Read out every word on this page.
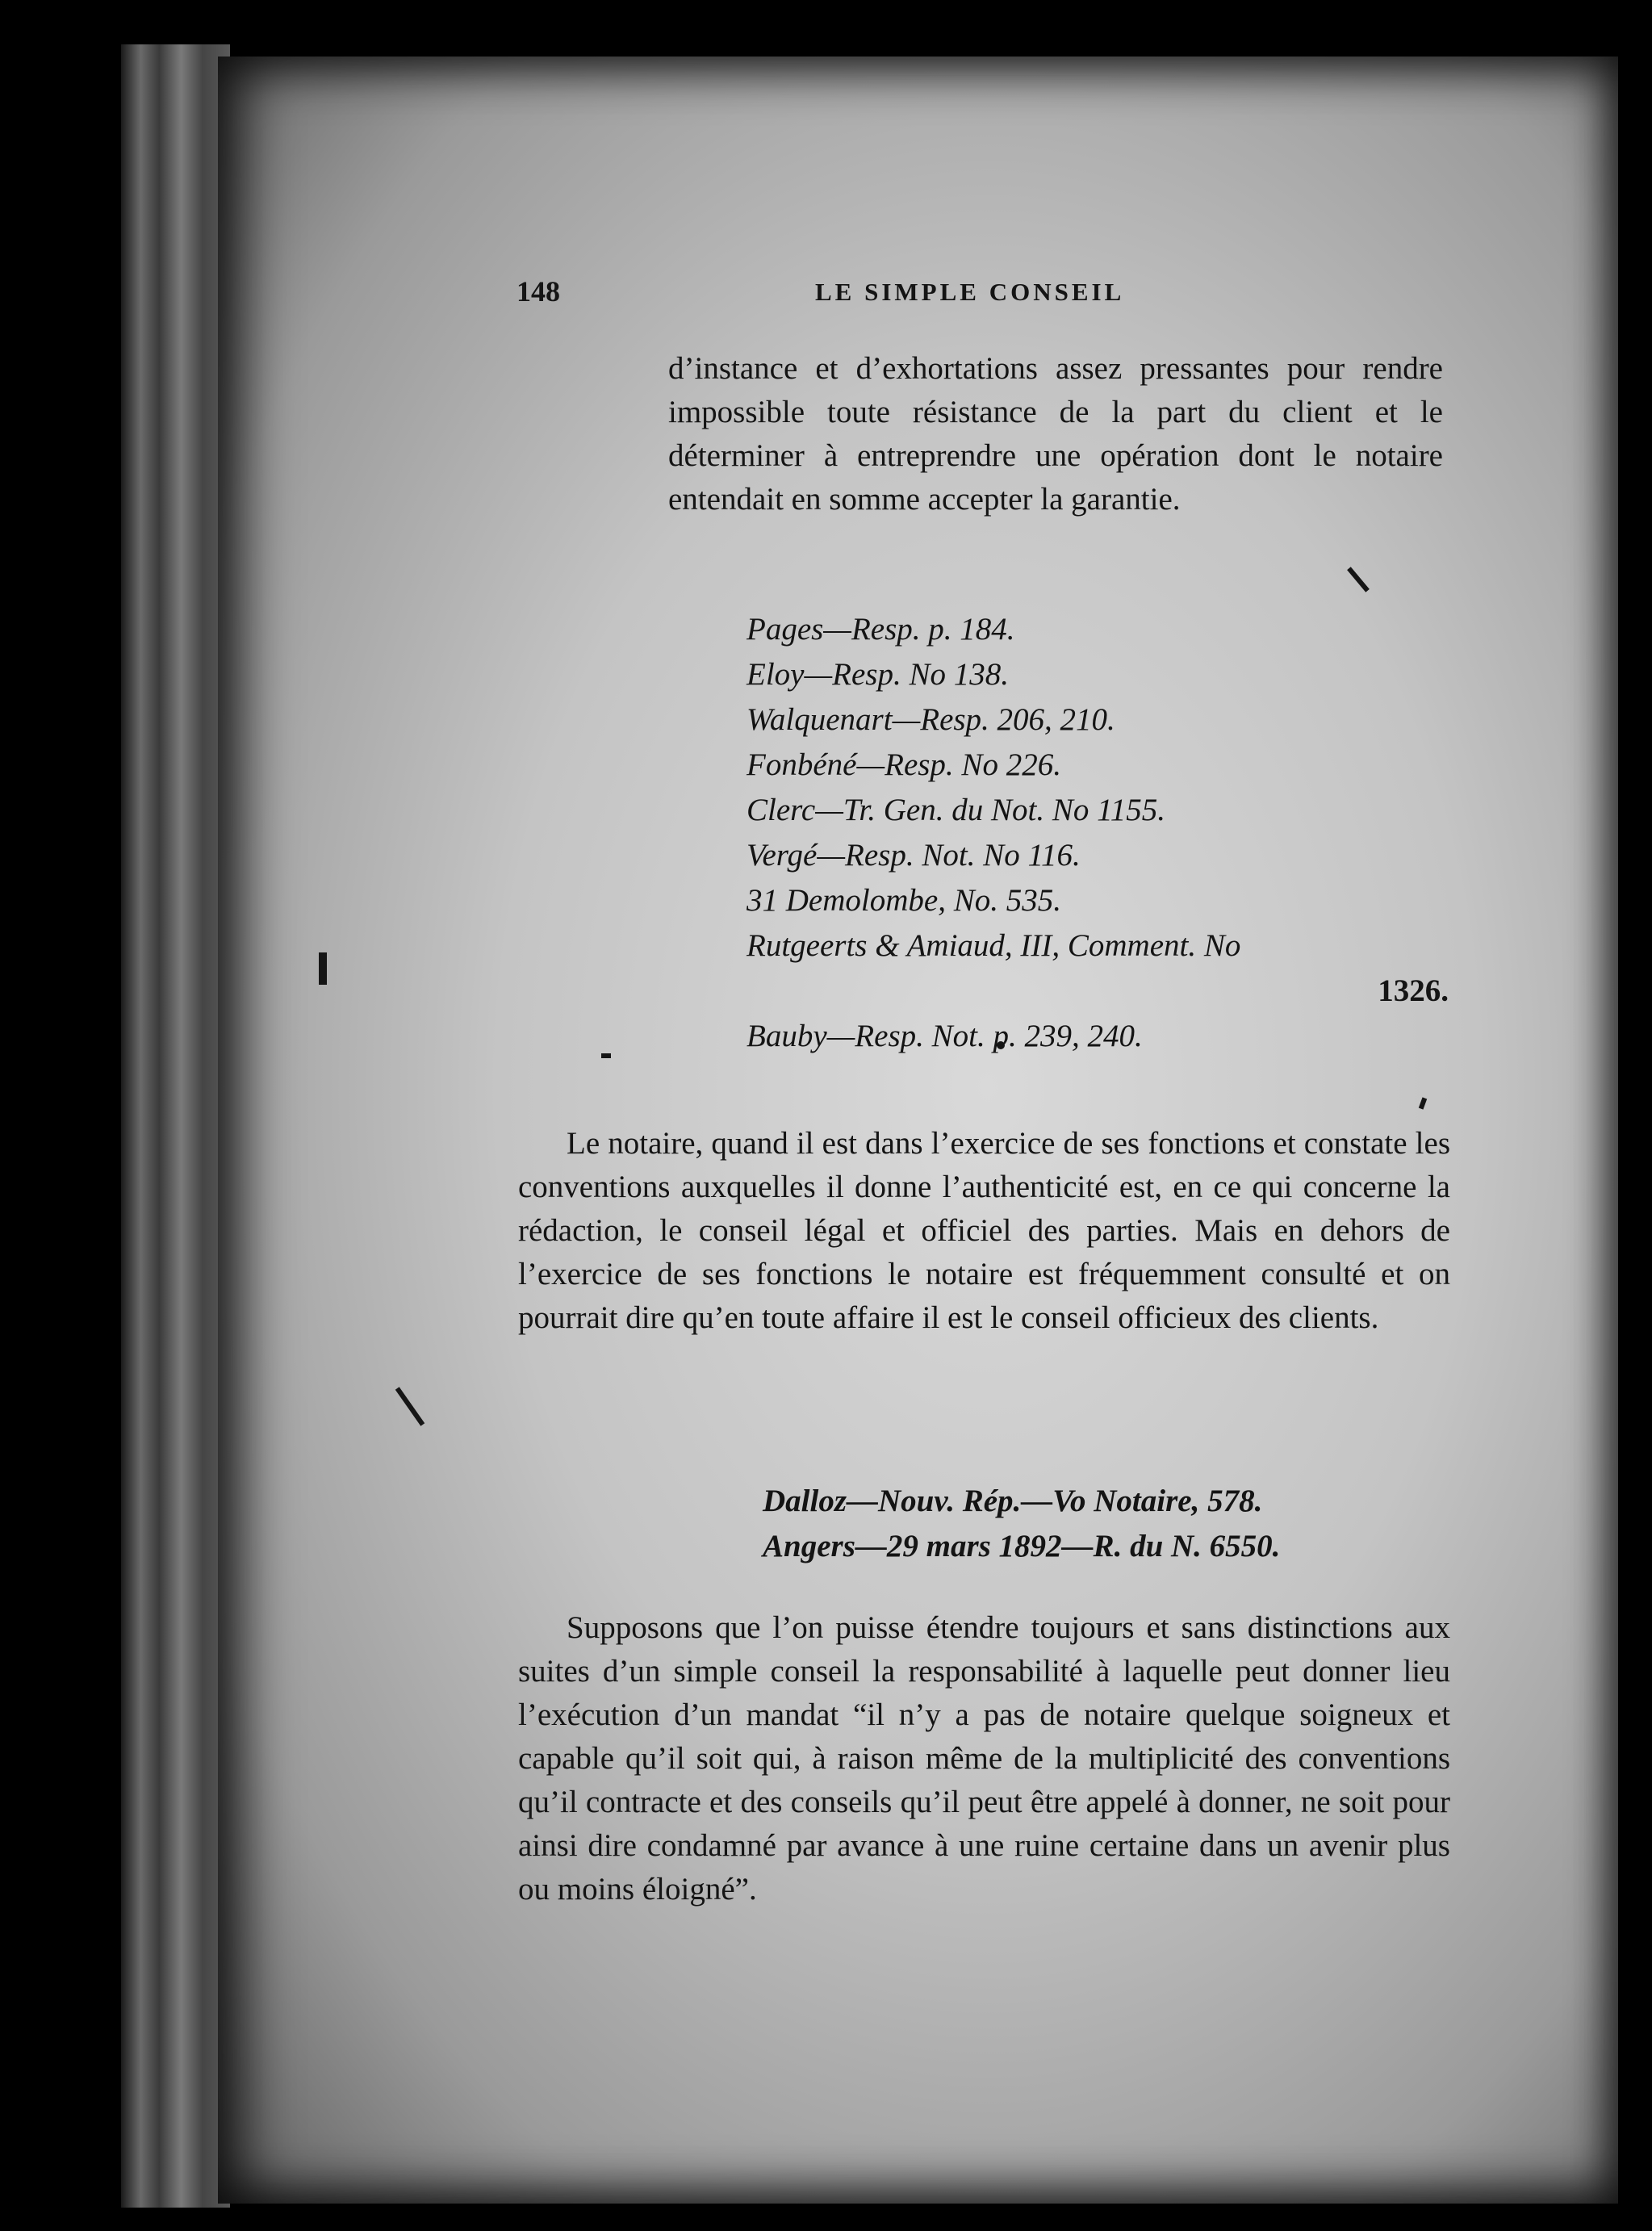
148	LE SIMPLE CONSEIL

d’instance et d’exhortations assez pressantes pour rendre impossible toute résistance de la part du client et le déterminer à entreprendre une opération dont le notaire entendait en somme accepter la garantie.

Pages—Resp. p. 184.
Eloy—Resp. No 138.
Walquenart—Resp. 206, 210.
Fonbéné—Resp. No 226.
Clerc—Tr. Gen. du Not. No 1155.
Vergé—Resp. Not. No 116.
31 Demolombe, No. 535.
Rutgeerts & Amiaud, III, Comment. No
1326.
Bauby—Resp. Not. p. 239, 240.

Le notaire, quand il est dans l’exercice de ses fonctions et constate les conventions auxquelles il donne l’authenticité est, en ce qui concerne la rédaction, le conseil légal et officiel des parties. Mais en dehors de l’exercice de ses fonctions le notaire est fréquemment consulté et on pourrait dire qu’en toute affaire il est le conseil officieux des clients.

Dalloz—Nouv. Rép.—Vo Notaire, 578.
Angers—29 mars 1892—R. du N. 6550.

Supposons que l’on puisse étendre toujours et sans distinctions aux suites d’un simple conseil la responsabilité à laquelle peut donner lieu l’exécution d’un mandat “il n’y a pas de notaire quelque soigneux et capable qu’il soit qui, à raison même de la multiplicité des conventions qu’il contracte et des conseils qu’il peut être appelé à donner, ne soit pour ainsi dire condamné par avance à une ruine certaine dans un avenir plus ou moins éloigné”.
